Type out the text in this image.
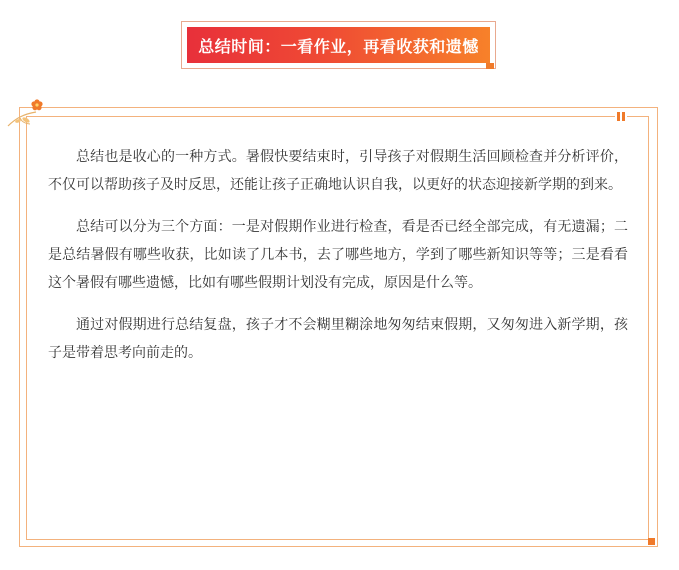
总结时间：一看作业，再看收获和遗憾

总结也是收心的一种方式。暑假快要结束时，引导孩子对假期生活回顾检查并分析评价，不仅可以帮助孩子及时反思，还能让孩子正确地认识自我，以更好的状态迎接新学期的到来。

总结可以分为三个方面：一是对假期作业进行检查，看是否已经全部完成，有无遗漏；二是总结暑假有哪些收获，比如读了几本书，去了哪些地方，学到了哪些新知识等等；三是看看这个暑假有哪些遗憾，比如有哪些假期计划没有完成，原因是什么等。

通过对假期进行总结复盘，孩子才不会糊里糊涂地匆匆结束假期，又匆匆进入新学期，孩子是带着思考向前走的。
